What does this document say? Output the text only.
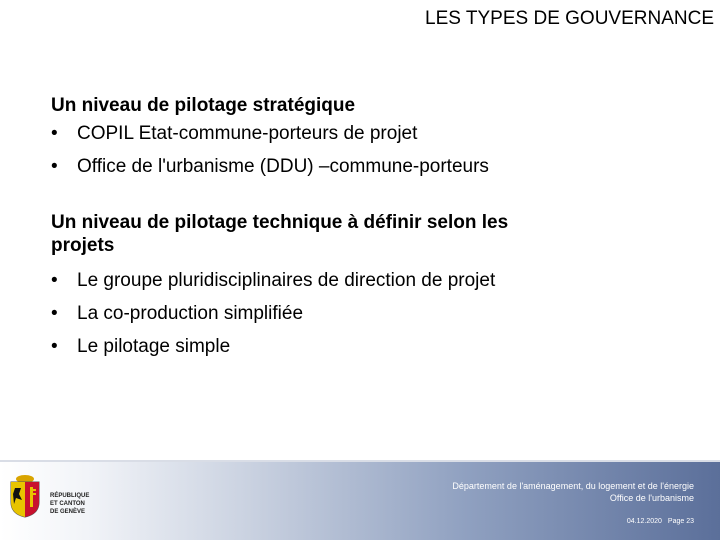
LES TYPES DE GOUVERNANCE
Un niveau de pilotage stratégique
• COPIL Etat-commune-porteurs de projet
• Office de l'urbanisme (DDU) –commune-porteurs
Un niveau de pilotage technique à définir selon les
projets
• Le groupe pluridisciplinaires de direction de projet
• La co-production simplifiée
• Le pilotage simple
RÉPUBLIQUE
ET CANTON
DE GENÈVE
Département de l'aménagement, du logement et de l'énergie
Office de l'urbanisme
04.12.2020 Page 23
